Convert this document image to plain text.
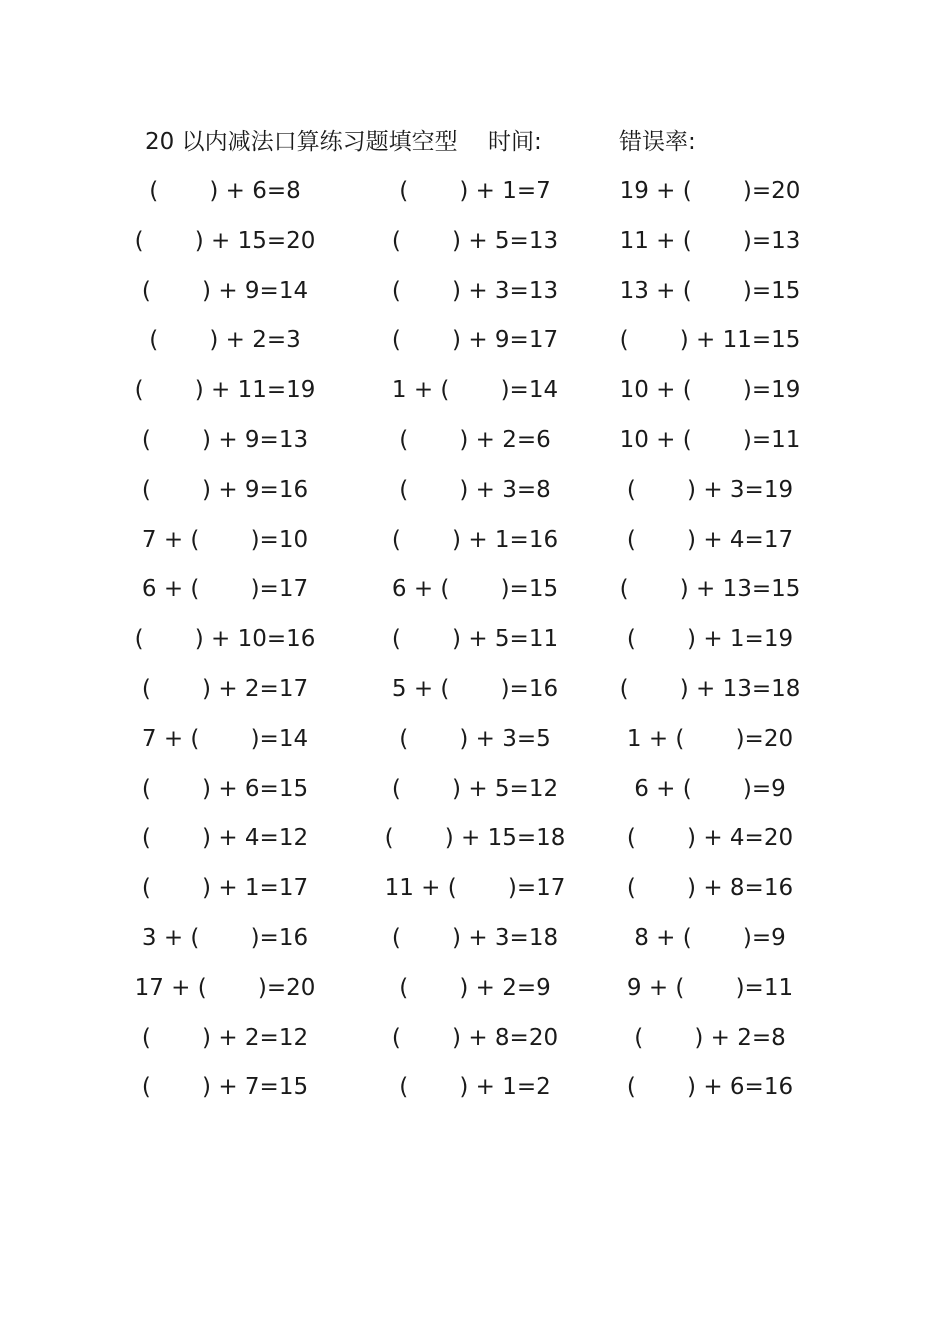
20 以内减法口算练习题填空型 时间:	错误率:
(       ) + 6=8	(       ) + 1=7	19 + (       )=20
(       ) + 15=20	(       ) + 5=13	11 + (       )=13
(       ) + 9=14	(       ) + 3=13	13 + (       )=15
(       ) + 2=3	(       ) + 9=17	(       ) + 11=15
(       ) + 11=19	1 + (       )=14	10 + (       )=19
(       ) + 9=13	(       ) + 2=6	10 + (       )=11
(       ) + 9=16	(       ) + 3=8	(       ) + 3=19
7 + (       )=10	(       ) + 1=16	(       ) + 4=17
6 + (       )=17	6 + (       )=15	(       ) + 13=15
(       ) + 10=16	(       ) + 5=11	(       ) + 1=19
(       ) + 2=17	5 + (       )=16	(       ) + 13=18
7 + (       )=14	(       ) + 3=5	1 + (       )=20
(       ) + 6=15	(       ) + 5=12	6 + (       )=9
(       ) + 4=12	(       ) + 15=18	(       ) + 4=20
(       ) + 1=17	11 + (       )=17	(       ) + 8=16
3 + (       )=16	(       ) + 3=18	8 + (       )=9
17 + (       )=20	(       ) + 2=9	9 + (       )=11
(       ) + 2=12	(       ) + 8=20	(       ) + 2=8
(       ) + 7=15	(       ) + 1=2	(       ) + 6=16
